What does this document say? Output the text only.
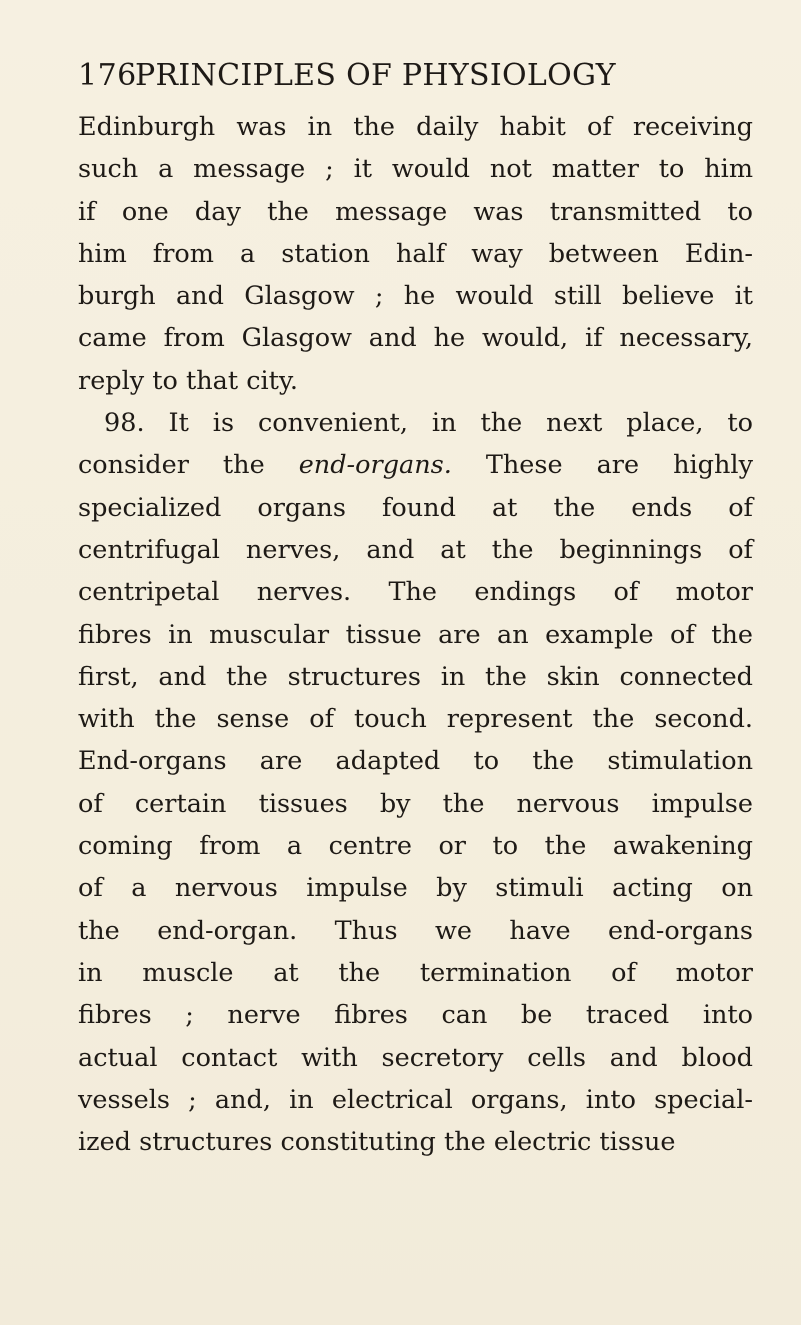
176
PRINCIPLES OF PHYSIOLOGY
Edinburgh was in the daily habit of receiving
such a message ; it would not matter to him
if one day the message was transmitted to
him from a station half way between Edin-
burgh and Glasgow ; he would still believe it
came from Glasgow and he would, if necessary,
reply to that city.
98. It is convenient, in the next place, to
consider the end-organs. These are highly
specialized organs found at the ends of
centrifugal nerves, and at the beginnings of
centripetal nerves. The endings of motor
fibres in muscular tissue are an example of the
first, and the structures in the skin connected
with the sense of touch represent the second.
End-organs are adapted to the stimulation
of certain tissues by the nervous impulse
coming from a centre or to the awakening
of a nervous impulse by stimuli acting on
the end-organ. Thus we have end-organs
in muscle at the termination of motor
fibres ; nerve fibres can be traced into
actual contact with secretory cells and blood
vessels ; and, in electrical organs, into special-
ized structures constituting the electric tissue
